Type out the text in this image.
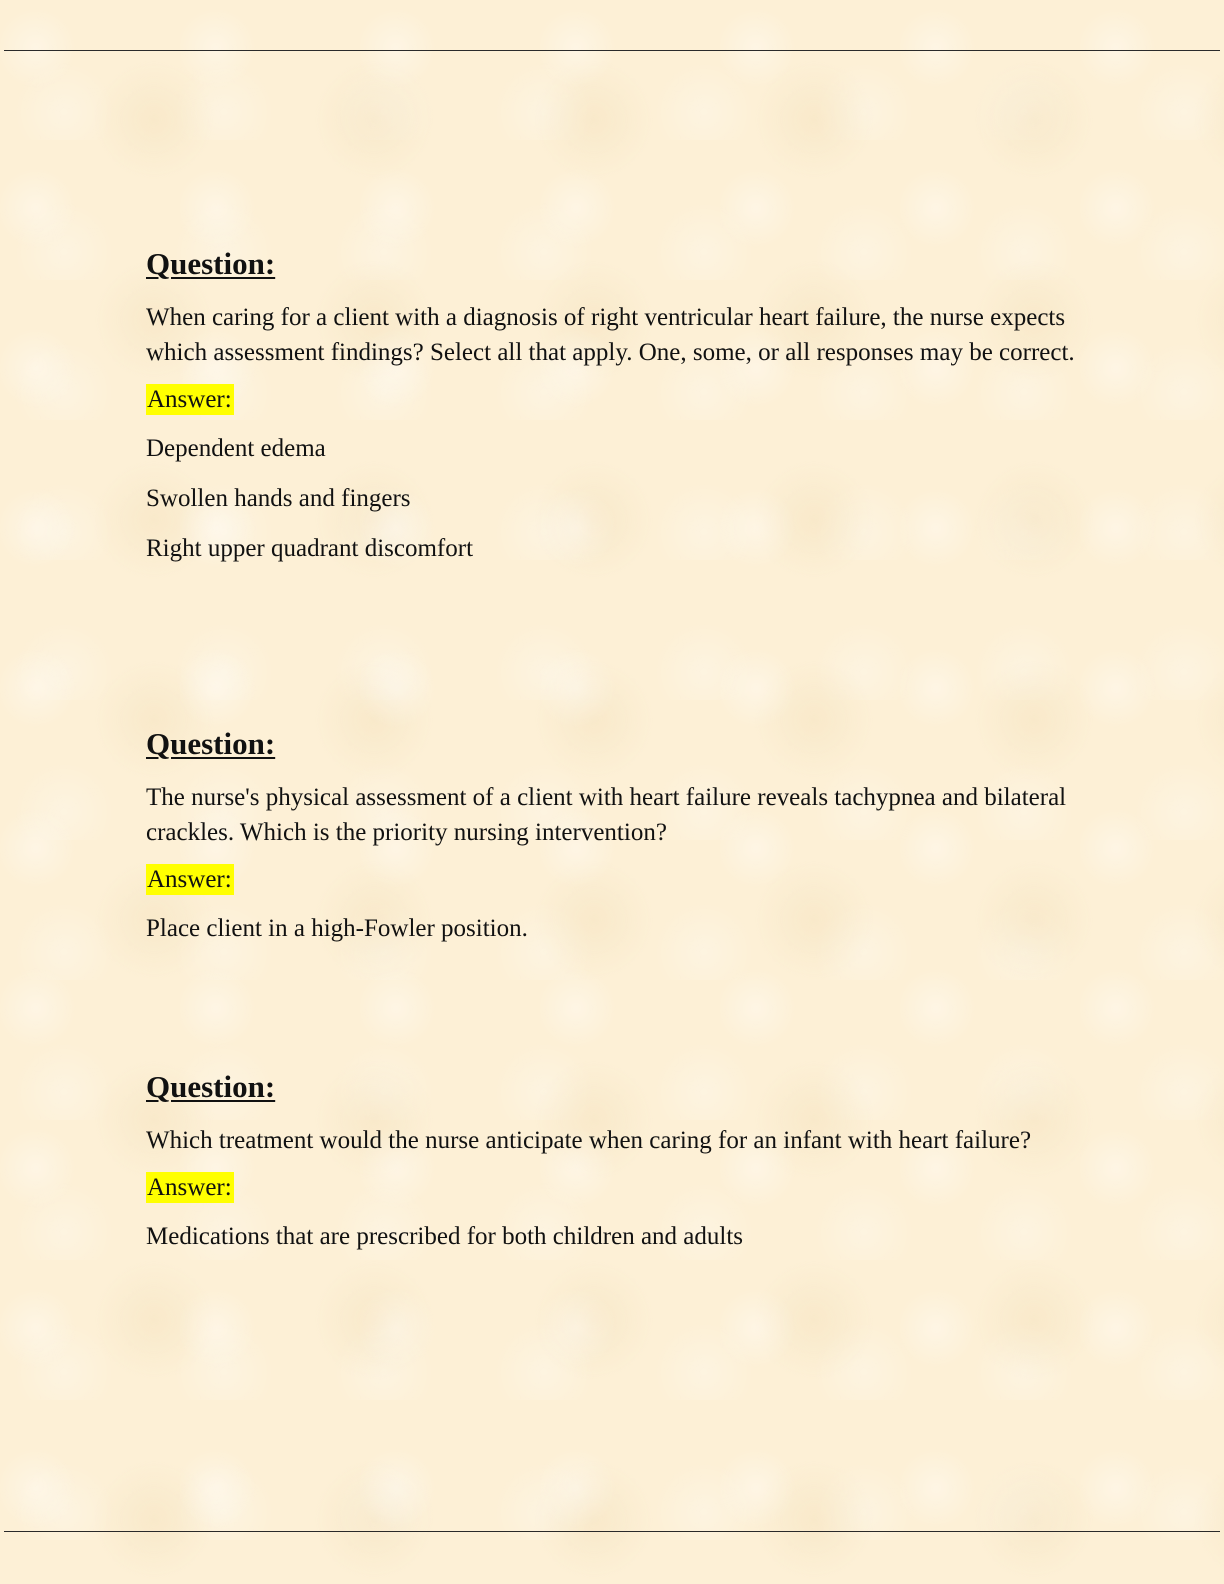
Question:
When caring for a client with a diagnosis of right ventricular heart failure, the nurse expects which assessment findings? Select all that apply. One, some, or all responses may be correct.
Answer:
Dependent edema
Swollen hands and fingers
Right upper quadrant discomfort
Question:
The nurse's physical assessment of a client with heart failure reveals tachypnea and bilateral crackles. Which is the priority nursing intervention?
Answer:
Place client in a high-Fowler position.
Question:
Which treatment would the nurse anticipate when caring for an infant with heart failure?
Answer:
Medications that are prescribed for both children and adults
